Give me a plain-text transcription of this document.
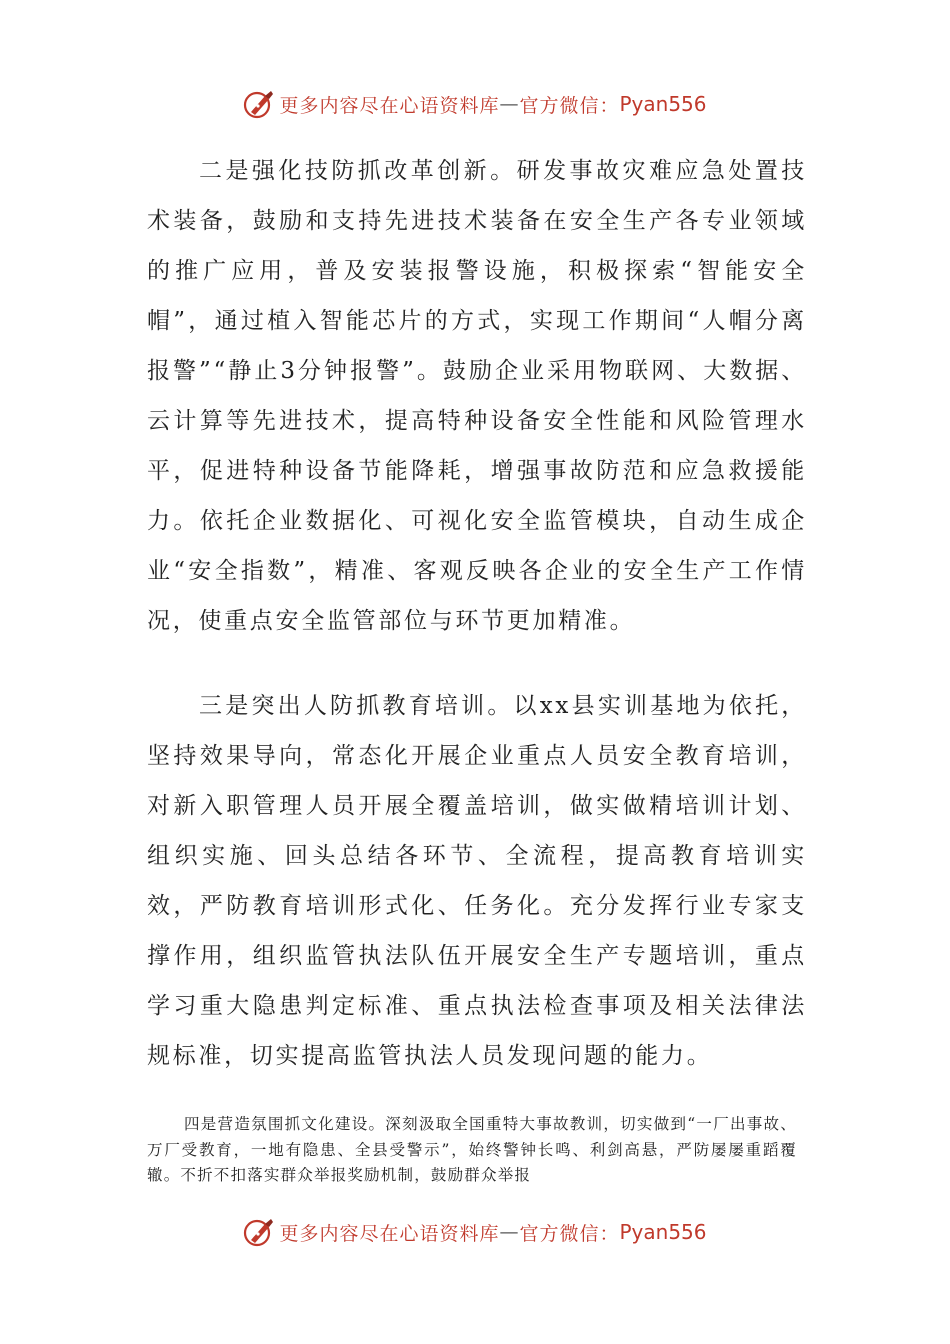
更多内容尽在心语资料库 — 官方微信： Pyan556

二是强化技防抓改革创新。研发事故灾难应急处置技术装备，鼓励和支持先进技术装备在安全生产各专业领域的推广应用，普及安装报警设施，积极探索“智能安全帽”，通过植入智能芯片的方式，实现工作期间“人帽分离报警”“静止3分钟报警”。鼓励企业采用物联网、大数据、云计算等先进技术，提高特种设备安全性能和风险管理水平，促进特种设备节能降耗，增强事故防范和应急救援能力。依托企业数据化、可视化安全监管模块，自动生成企业“安全指数”，精准、客观反映各企业的安全生产工作情况，使重点安全监管部位与环节更加精准。

三是突出人防抓教育培训。以xx县实训基地为依托，坚持效果导向，常态化开展企业重点人员安全教育培训，对新入职管理人员开展全覆盖培训，做实做精培训计划、组织实施、回头总结各环节、全流程，提高教育培训实效，严防教育培训形式化、任务化。充分发挥行业专家支撑作用，组织监管执法队伍开展安全生产专题培训，重点学习重大隐患判定标准、重点执法检查事项及相关法律法规标准，切实提高监管执法人员发现问题的能力。

四是营造氛围抓文化建设。深刻汲取全国重特大事故教训，切实做到“一厂出事故、万厂受教育，一地有隐患、全县受警示”，始终警钟长鸣、利剑高悬，严防屡屡重蹈覆辙。不折不扣落实群众举报奖励机制，鼓励群众举报

更多内容尽在心语资料库 — 官方微信： Pyan556
